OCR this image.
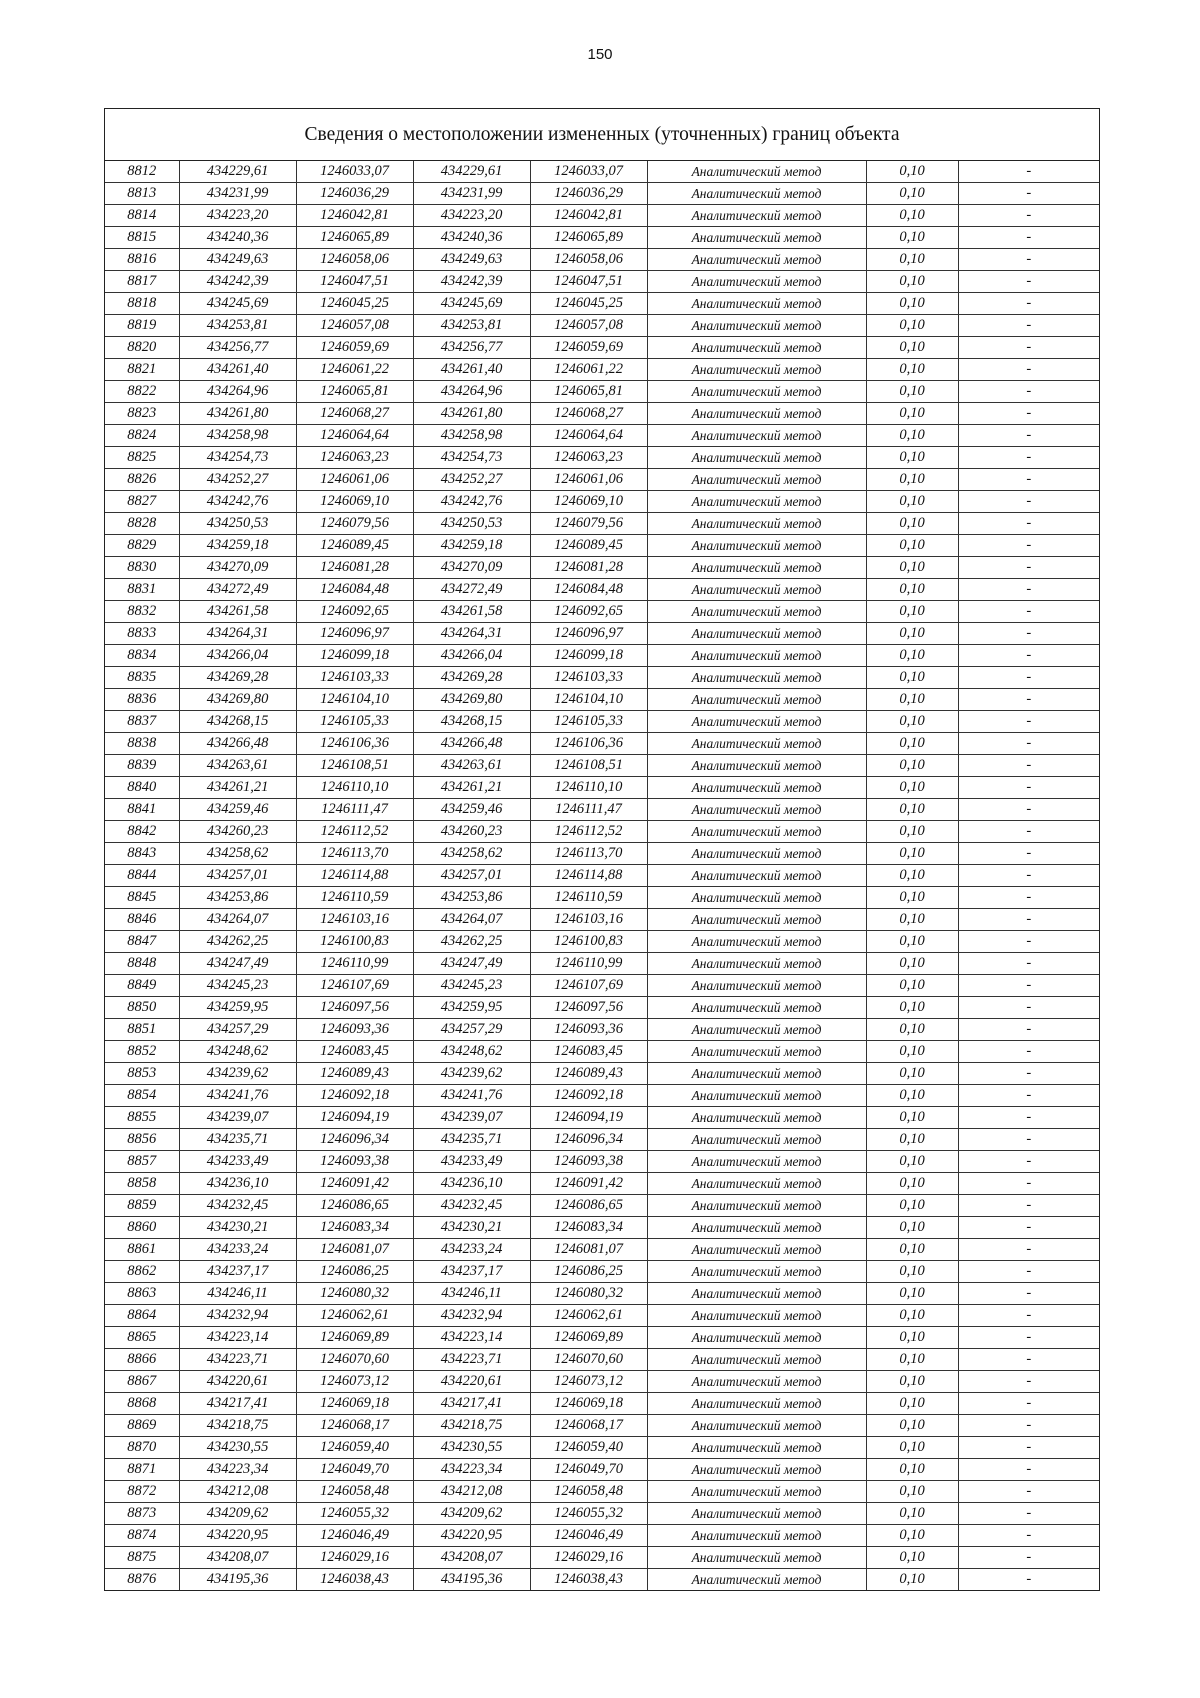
150
Сведения о местоположении измененных (уточненных) границ объекта
8812	434229,61	1246033,07	434229,61	1246033,07	Аналитический метод	0,10	-
8813	434231,99	1246036,29	434231,99	1246036,29	Аналитический метод	0,10	-
8814	434223,20	1246042,81	434223,20	1246042,81	Аналитический метод	0,10	-
8815	434240,36	1246065,89	434240,36	1246065,89	Аналитический метод	0,10	-
8816	434249,63	1246058,06	434249,63	1246058,06	Аналитический метод	0,10	-
8817	434242,39	1246047,51	434242,39	1246047,51	Аналитический метод	0,10	-
8818	434245,69	1246045,25	434245,69	1246045,25	Аналитический метод	0,10	-
8819	434253,81	1246057,08	434253,81	1246057,08	Аналитический метод	0,10	-
8820	434256,77	1246059,69	434256,77	1246059,69	Аналитический метод	0,10	-
8821	434261,40	1246061,22	434261,40	1246061,22	Аналитический метод	0,10	-
8822	434264,96	1246065,81	434264,96	1246065,81	Аналитический метод	0,10	-
8823	434261,80	1246068,27	434261,80	1246068,27	Аналитический метод	0,10	-
8824	434258,98	1246064,64	434258,98	1246064,64	Аналитический метод	0,10	-
8825	434254,73	1246063,23	434254,73	1246063,23	Аналитический метод	0,10	-
8826	434252,27	1246061,06	434252,27	1246061,06	Аналитический метод	0,10	-
8827	434242,76	1246069,10	434242,76	1246069,10	Аналитический метод	0,10	-
8828	434250,53	1246079,56	434250,53	1246079,56	Аналитический метод	0,10	-
8829	434259,18	1246089,45	434259,18	1246089,45	Аналитический метод	0,10	-
8830	434270,09	1246081,28	434270,09	1246081,28	Аналитический метод	0,10	-
8831	434272,49	1246084,48	434272,49	1246084,48	Аналитический метод	0,10	-
8832	434261,58	1246092,65	434261,58	1246092,65	Аналитический метод	0,10	-
8833	434264,31	1246096,97	434264,31	1246096,97	Аналитический метод	0,10	-
8834	434266,04	1246099,18	434266,04	1246099,18	Аналитический метод	0,10	-
8835	434269,28	1246103,33	434269,28	1246103,33	Аналитический метод	0,10	-
8836	434269,80	1246104,10	434269,80	1246104,10	Аналитический метод	0,10	-
8837	434268,15	1246105,33	434268,15	1246105,33	Аналитический метод	0,10	-
8838	434266,48	1246106,36	434266,48	1246106,36	Аналитический метод	0,10	-
8839	434263,61	1246108,51	434263,61	1246108,51	Аналитический метод	0,10	-
8840	434261,21	1246110,10	434261,21	1246110,10	Аналитический метод	0,10	-
8841	434259,46	1246111,47	434259,46	1246111,47	Аналитический метод	0,10	-
8842	434260,23	1246112,52	434260,23	1246112,52	Аналитический метод	0,10	-
8843	434258,62	1246113,70	434258,62	1246113,70	Аналитический метод	0,10	-
8844	434257,01	1246114,88	434257,01	1246114,88	Аналитический метод	0,10	-
8845	434253,86	1246110,59	434253,86	1246110,59	Аналитический метод	0,10	-
8846	434264,07	1246103,16	434264,07	1246103,16	Аналитический метод	0,10	-
8847	434262,25	1246100,83	434262,25	1246100,83	Аналитический метод	0,10	-
8848	434247,49	1246110,99	434247,49	1246110,99	Аналитический метод	0,10	-
8849	434245,23	1246107,69	434245,23	1246107,69	Аналитический метод	0,10	-
8850	434259,95	1246097,56	434259,95	1246097,56	Аналитический метод	0,10	-
8851	434257,29	1246093,36	434257,29	1246093,36	Аналитический метод	0,10	-
8852	434248,62	1246083,45	434248,62	1246083,45	Аналитический метод	0,10	-
8853	434239,62	1246089,43	434239,62	1246089,43	Аналитический метод	0,10	-
8854	434241,76	1246092,18	434241,76	1246092,18	Аналитический метод	0,10	-
8855	434239,07	1246094,19	434239,07	1246094,19	Аналитический метод	0,10	-
8856	434235,71	1246096,34	434235,71	1246096,34	Аналитический метод	0,10	-
8857	434233,49	1246093,38	434233,49	1246093,38	Аналитический метод	0,10	-
8858	434236,10	1246091,42	434236,10	1246091,42	Аналитический метод	0,10	-
8859	434232,45	1246086,65	434232,45	1246086,65	Аналитический метод	0,10	-
8860	434230,21	1246083,34	434230,21	1246083,34	Аналитический метод	0,10	-
8861	434233,24	1246081,07	434233,24	1246081,07	Аналитический метод	0,10	-
8862	434237,17	1246086,25	434237,17	1246086,25	Аналитический метод	0,10	-
8863	434246,11	1246080,32	434246,11	1246080,32	Аналитический метод	0,10	-
8864	434232,94	1246062,61	434232,94	1246062,61	Аналитический метод	0,10	-
8865	434223,14	1246069,89	434223,14	1246069,89	Аналитический метод	0,10	-
8866	434223,71	1246070,60	434223,71	1246070,60	Аналитический метод	0,10	-
8867	434220,61	1246073,12	434220,61	1246073,12	Аналитический метод	0,10	-
8868	434217,41	1246069,18	434217,41	1246069,18	Аналитический метод	0,10	-
8869	434218,75	1246068,17	434218,75	1246068,17	Аналитический метод	0,10	-
8870	434230,55	1246059,40	434230,55	1246059,40	Аналитический метод	0,10	-
8871	434223,34	1246049,70	434223,34	1246049,70	Аналитический метод	0,10	-
8872	434212,08	1246058,48	434212,08	1246058,48	Аналитический метод	0,10	-
8873	434209,62	1246055,32	434209,62	1246055,32	Аналитический метод	0,10	-
8874	434220,95	1246046,49	434220,95	1246046,49	Аналитический метод	0,10	-
8875	434208,07	1246029,16	434208,07	1246029,16	Аналитический метод	0,10	-
8876	434195,36	1246038,43	434195,36	1246038,43	Аналитический метод	0,10	-
